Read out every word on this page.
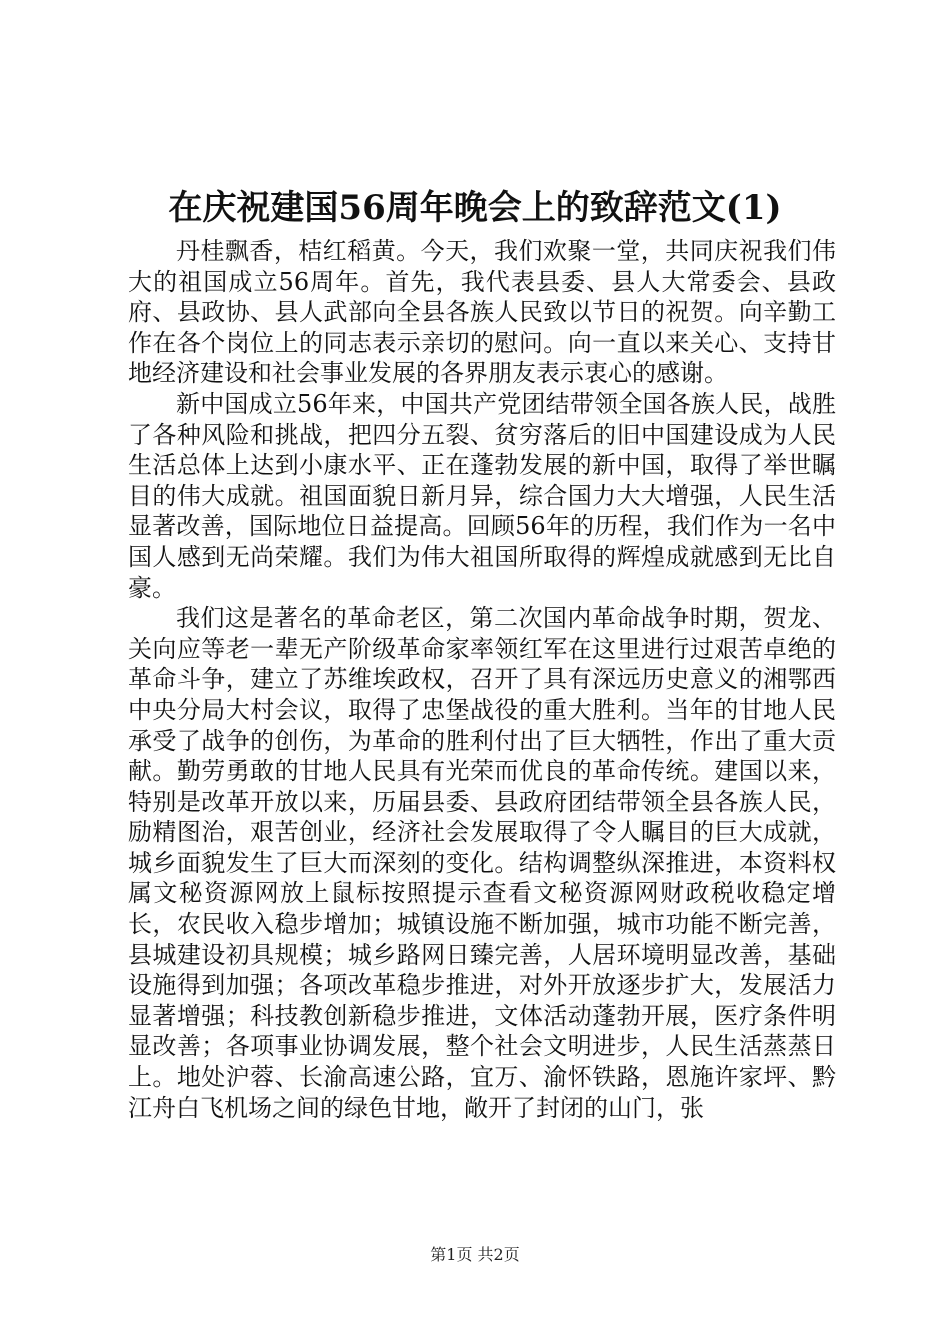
在庆祝建国56周年晚会上的致辞范文(1)

丹桂飘香，桔红稻黄。今天，我们欢聚一堂，共同庆祝我们伟大的祖国成立56周年。首先，我代表县委、县人大常委会、县政府、县政协、县人武部向全县各族人民致以节日的祝贺。向辛勤工作在各个岗位上的同志表示亲切的慰问。向一直以来关心、支持甘地经济建设和社会事业发展的各界朋友表示衷心的感谢。

新中国成立56年来，中国共产党团结带领全国各族人民，战胜了各种风险和挑战，把四分五裂、贫穷落后的旧中国建设成为人民生活总体上达到小康水平、正在蓬勃发展的新中国，取得了举世瞩目的伟大成就。祖国面貌日新月异，综合国力大大增强，人民生活显著改善，国际地位日益提高。回顾56年的历程，我们作为一名中国人感到无尚荣耀。我们为伟大祖国所取得的辉煌成就感到无比自豪。

我们这是著名的革命老区，第二次国内革命战争时期，贺龙、关向应等老一辈无产阶级革命家率领红军在这里进行过艰苦卓绝的革命斗争，建立了苏维埃政权，召开了具有深远历史意义的湘鄂西中央分局大村会议，取得了忠堡战役的重大胜利。当年的甘地人民承受了战争的创伤，为革命的胜利付出了巨大牺牲，作出了重大贡献。勤劳勇敢的甘地人民具有光荣而优良的革命传统。建国以来，特别是改革开放以来，历届县委、县政府团结带领全县各族人民，励精图治，艰苦创业，经济社会发展取得了令人瞩目的巨大成就，城乡面貌发生了巨大而深刻的变化。结构调整纵深推进，本资料权属文秘资源网放上鼠标按照提示查看文秘资源网财政税收稳定增长，农民收入稳步增加；城镇设施不断加强，城市功能不断完善，县城建设初具规模；城乡路网日臻完善，人居环境明显改善，基础设施得到加强；各项改革稳步推进，对外开放逐步扩大，发展活力显著增强；科技教创新稳步推进，文体活动蓬勃开展，医疗条件明显改善；各项事业协调发展，整个社会文明进步，人民生活蒸蒸日上。地处沪蓉、长渝高速公路，宜万、渝怀铁路，恩施许家坪、黔江舟白飞机场之间的绿色甘地，敞开了封闭的山门，张

第1页 共2页
